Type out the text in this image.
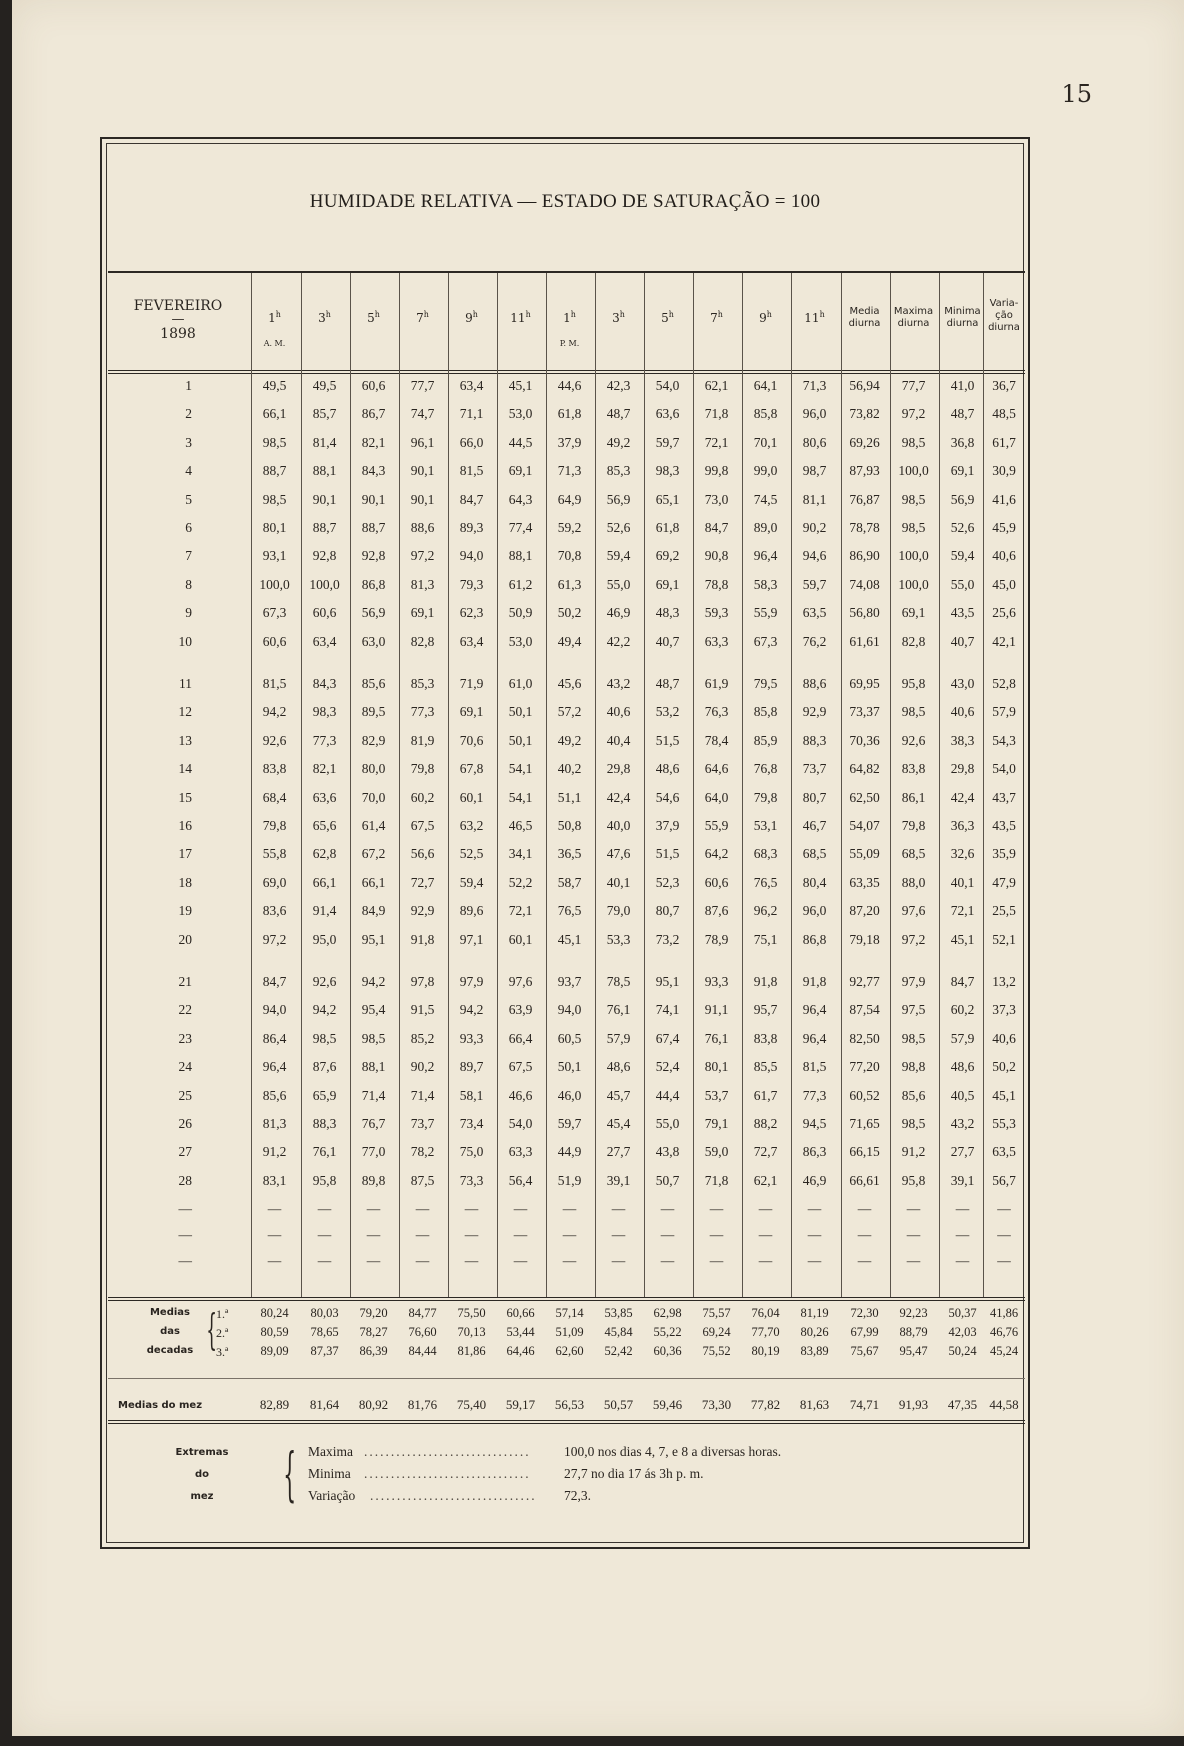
15
HUMIDADE RELATIVA — ESTADO DE SATURAÇÃO = 100
Extremas
do
mez
FEVEREIRO
—
1898
1$^h$	3$^h$	5$^h$	7$^h$	9$^h$	11$^h$	1$^h$	3$^h$	5$^h$	7$^h$	9$^h$	11$^h$
A. M.	P. M.
Media
diurna
Maxima
diurna
Minima
diurna
Varia-
ção
diurna
1	49,5	49,5	60,6	77,7	63,4	45,1	44,6	42,3	54,0	62,1	64,1	71,3	56,94	77,7	41,0	36,7
2	66,1	85,7	86,7	74,7	71,1	53,0	61,8	48,7	63,6	71,8	85,8	96,0	73,82	97,2	48,7	48,5
3	98,5	81,4	82,1	96,1	66,0	44,5	37,9	49,2	59,7	72,1	70,1	80,6	69,26	98,5	36,8	61,7
4	88,7	88,1	84,3	90,1	81,5	69,1	71,3	85,3	98,3	99,8	99,0	98,7	87,93	100,0	69,1	30,9
5	98,5	90,1	90,1	90,1	84,7	64,3	64,9	56,9	65,1	73,0	74,5	81,1	76,87	98,5	56,9	41,6
6	80,1	88,7	88,7	88,6	89,3	77,4	59,2	52,6	61,8	84,7	89,0	90,2	78,78	98,5	52,6	45,9
7	93,1	92,8	92,8	97,2	94,0	88,1	70,8	59,4	69,2	90,8	96,4	94,6	86,90	100,0	59,4	40,6
8	100,0	100,0	86,8	81,3	79,3	61,2	61,3	55,0	69,1	78,8	58,3	59,7	74,08	100,0	55,0	45,0
9	67,3	60,6	56,9	69,1	62,3	50,9	50,2	46,9	48,3	59,3	55,9	63,5	56,80	69,1	43,5	25,6
10	60,6	63,4	63,0	82,8	63,4	53,0	49,4	42,2	40,7	63,3	67,3	76,2	61,61	82,8	40,7	42,1
11	81,5	84,3	85,6	85,3	71,9	61,0	45,6	43,2	48,7	61,9	79,5	88,6	69,95	95,8	43,0	52,8
12	94,2	98,3	89,5	77,3	69,1	50,1	57,2	40,6	53,2	76,3	85,8	92,9	73,37	98,5	40,6	57,9
13	92,6	77,3	82,9	81,9	70,6	50,1	49,2	40,4	51,5	78,4	85,9	88,3	70,36	92,6	38,3	54,3
14	83,8	82,1	80,0	79,8	67,8	54,1	40,2	29,8	48,6	64,6	76,8	73,7	64,82	83,8	29,8	54,0
15	68,4	63,6	70,0	60,2	60,1	54,1	51,1	42,4	54,6	64,0	79,8	80,7	62,50	86,1	42,4	43,7
16	79,8	65,6	61,4	67,5	63,2	46,5	50,8	40,0	37,9	55,9	53,1	46,7	54,07	79,8	36,3	43,5
17	55,8	62,8	67,2	56,6	52,5	34,1	36,5	47,6	51,5	64,2	68,3	68,5	55,09	68,5	32,6	35,9
18	69,0	66,1	66,1	72,7	59,4	52,2	58,7	40,1	52,3	60,6	76,5	80,4	63,35	88,0	40,1	47,9
19	83,6	91,4	84,9	92,9	89,6	72,1	76,5	79,0	80,7	87,6	96,2	96,0	87,20	97,6	72,1	25,5
20	97,2	95,0	95,1	91,8	97,1	60,1	45,1	53,3	73,2	78,9	75,1	86,8	79,18	97,2	45,1	52,1
21	84,7	92,6	94,2	97,8	97,9	97,6	93,7	78,5	95,1	93,3	91,8	91,8	92,77	97,9	84,7	13,2
22	94,0	94,2	95,4	91,5	94,2	63,9	94,0	76,1	74,1	91,1	95,7	96,4	87,54	97,5	60,2	37,3
23	86,4	98,5	98,5	85,2	93,3	66,4	60,5	57,9	67,4	76,1	83,8	96,4	82,50	98,5	57,9	40,6
24	96,4	87,6	88,1	90,2	89,7	67,5	50,1	48,6	52,4	80,1	85,5	81,5	77,20	98,8	48,6	50,2
25	85,6	65,9	71,4	71,4	58,1	46,6	46,0	45,7	44,4	53,7	61,7	77,3	60,52	85,6	40,5	45,1
26	81,3	88,3	76,7	73,7	73,4	54,0	59,7	45,4	55,0	79,1	88,2	94,5	71,65	98,5	43,2	55,3
27	91,2	76,1	77,0	78,2	75,0	63,3	44,9	27,7	43,8	59,0	72,7	86,3	66,15	91,2	27,7	63,5
28	83,1	95,8	89,8	87,5	73,3	56,4	51,9	39,1	50,7	71,8	62,1	46,9	66,61	95,8	39,1	56,7
—	—	—	—	—	—	—	—	—	—	—	—	—	—	—	—	—
—	—	—	—	—	—	—	—	—	—	—	—	—	—	—	—	—
—	—	—	—	—	—	—	—	—	—	—	—	—	—	—	—	—
Medias
das
decadas { 1.ª
2.ª
3.ª
80,24	80,03	79,20	84,77	75,50	60,66	57,14	53,85	62,98	75,57	76,04	81,19	72,30	92,23	50,37	41,86
80,59	78,65	78,27	76,60	70,13	53,44	51,09	45,84	55,22	69,24	77,70	80,26	67,99	88,79	42,03	46,76
89,09	87,37	86,39	84,44	81,86	64,46	62,60	52,42	60,36	75,52	80,19	83,89	75,67	95,47	50,24	45,24
Medias do mez	82,89	81,64	80,92	81,76	75,40	59,17	56,53	50,57	59,46	73,30	77,82	81,63	74,71	91,93	47,35 44,58
{ Maxima ............................... 100,0 nos dias 4, 7, e 8 a diversas horas.
Minima ............................... 27,7 no dia 17 ás 3h p. m.
Variação ............................... 72,3.
